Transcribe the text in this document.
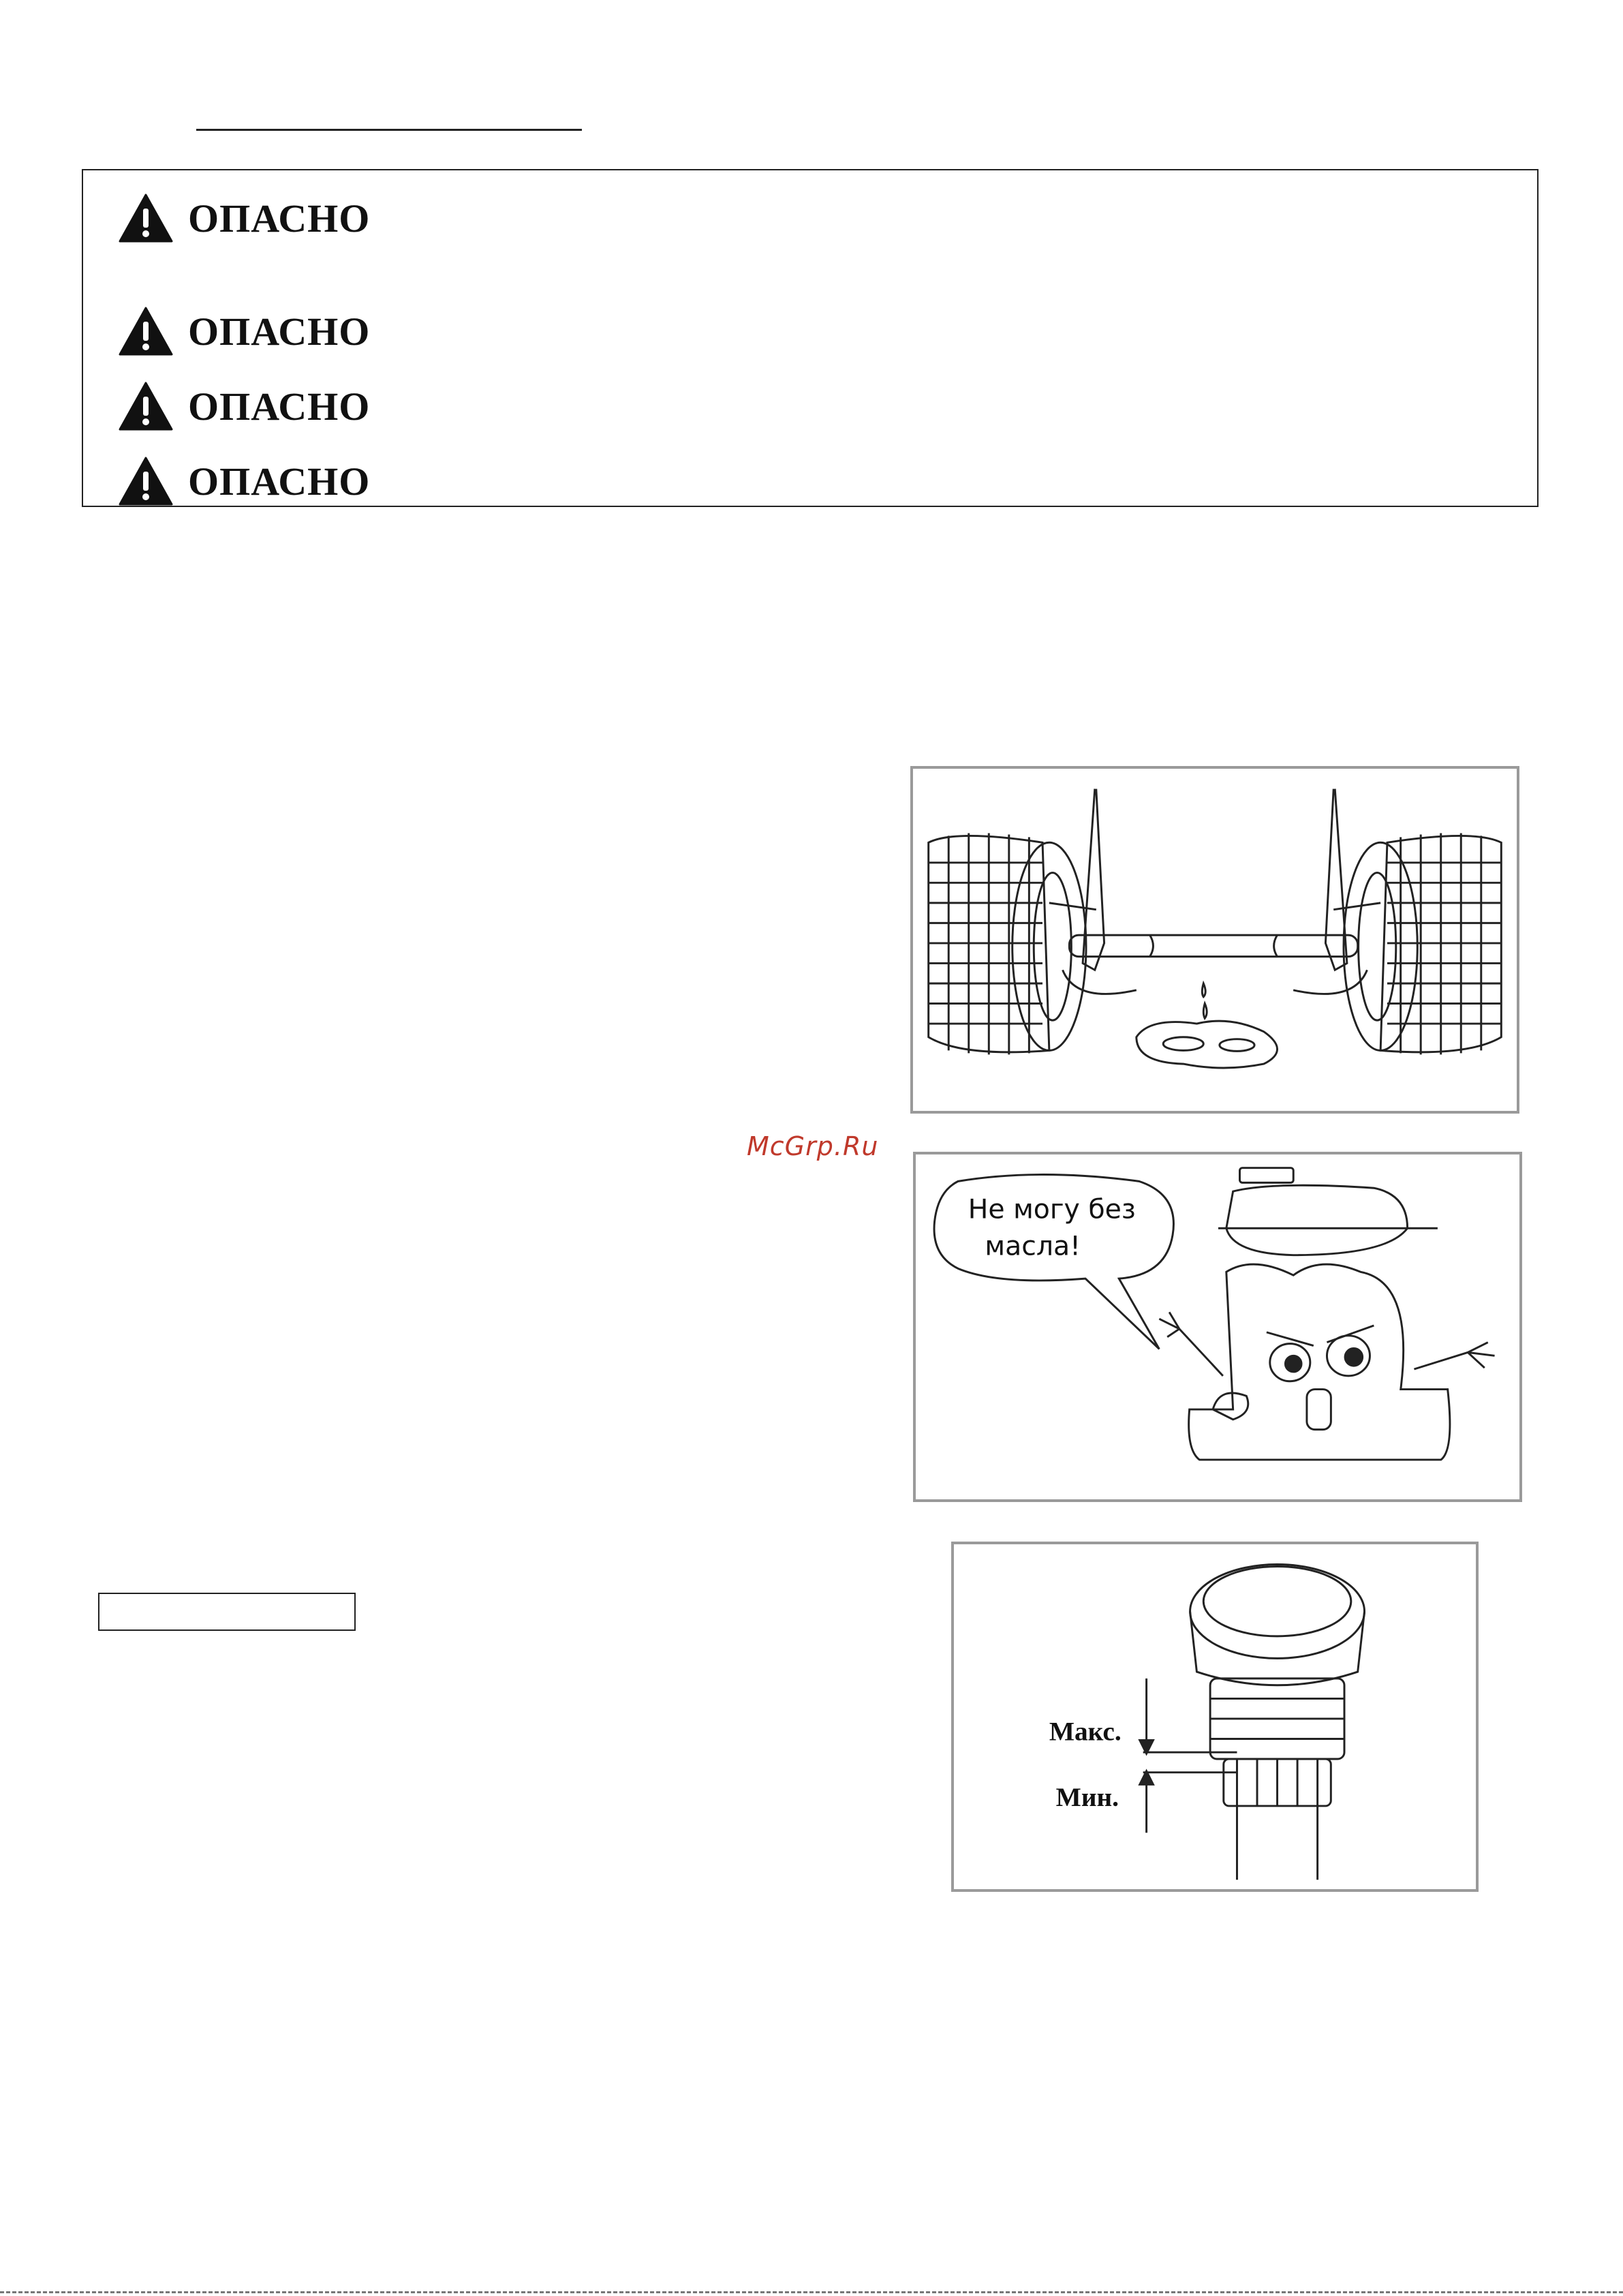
ОПАСНО
ОПАСНО
ОПАСНО
ОПАСНО
McGrp.Ru
Не могу без
масла!
Макс.
Мин.
